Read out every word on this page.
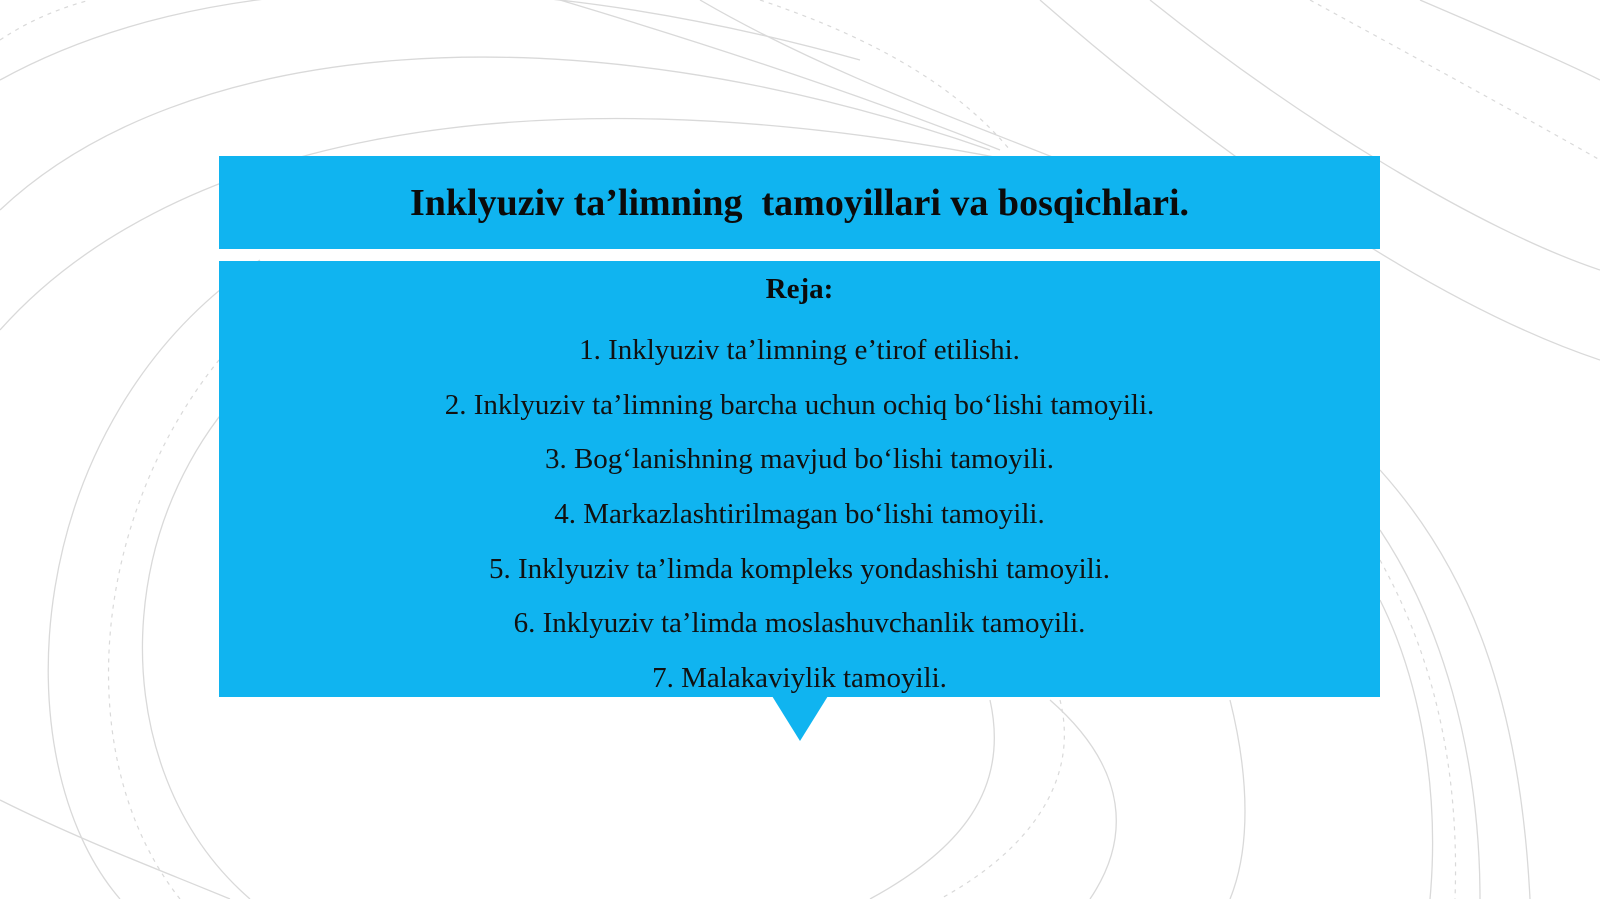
Inklyuziv ta’limning  tamoyillari va bosqichlari.
Reja:
1. Inklyuziv ta’limning e’tirof etilishi.
2. Inklyuziv ta’limning barcha uchun ochiq bo‘lishi tamoyili.
3. Bog‘lanishning mavjud bo‘lishi tamoyili.
4. Markazlashtirilmagan bo‘lishi tamoyili.
5. Inklyuziv ta’limda kompleks yondashishi tamoyili.
6. Inklyuziv ta’limda moslashuvchanlik tamoyili.
7. Malakaviylik tamoyili.
